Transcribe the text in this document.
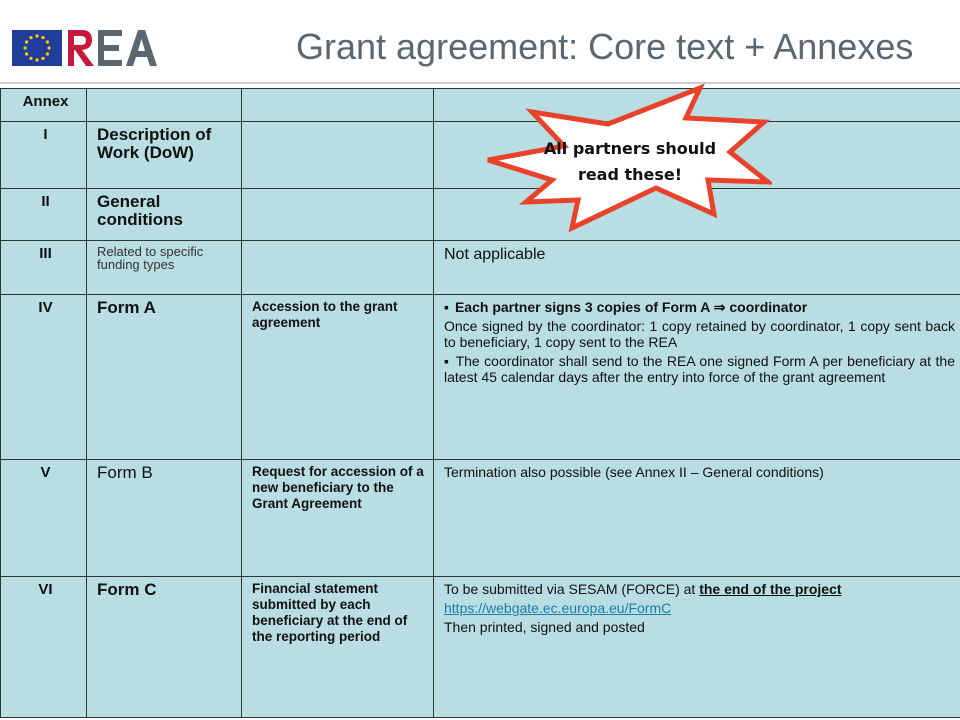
Grant agreement: Core text + Annexes
Annex			
I	Description of Work (DoW)		
II	General conditions		
III	Related to specific funding types		Not applicable
IV	Form A	Accession to the grant agreement	▪ Each partner signs 3 copies of Form A ⇒ coordinator

Once signed by the coordinator: 1 copy retained by coordinator, 1 copy sent back to beneficiary, 1 copy sent to the REA

▪ The coordinator shall send to the REA one signed Form A per beneficiary at the latest 45 calendar days after the entry into force of the grant agreement

V	Form B	Request for accession of a new beneficiary to the Grant Agreement	Termination also possible (see Annex II – General conditions)
VI	Form C	Financial statement submitted by each beneficiary at the end of the reporting period	To be submitted via SESAM (FORCE) at the end of the project

https://webgate.ec.europa.eu/FormC

Then printed, signed and posted

All partners should
read these!
